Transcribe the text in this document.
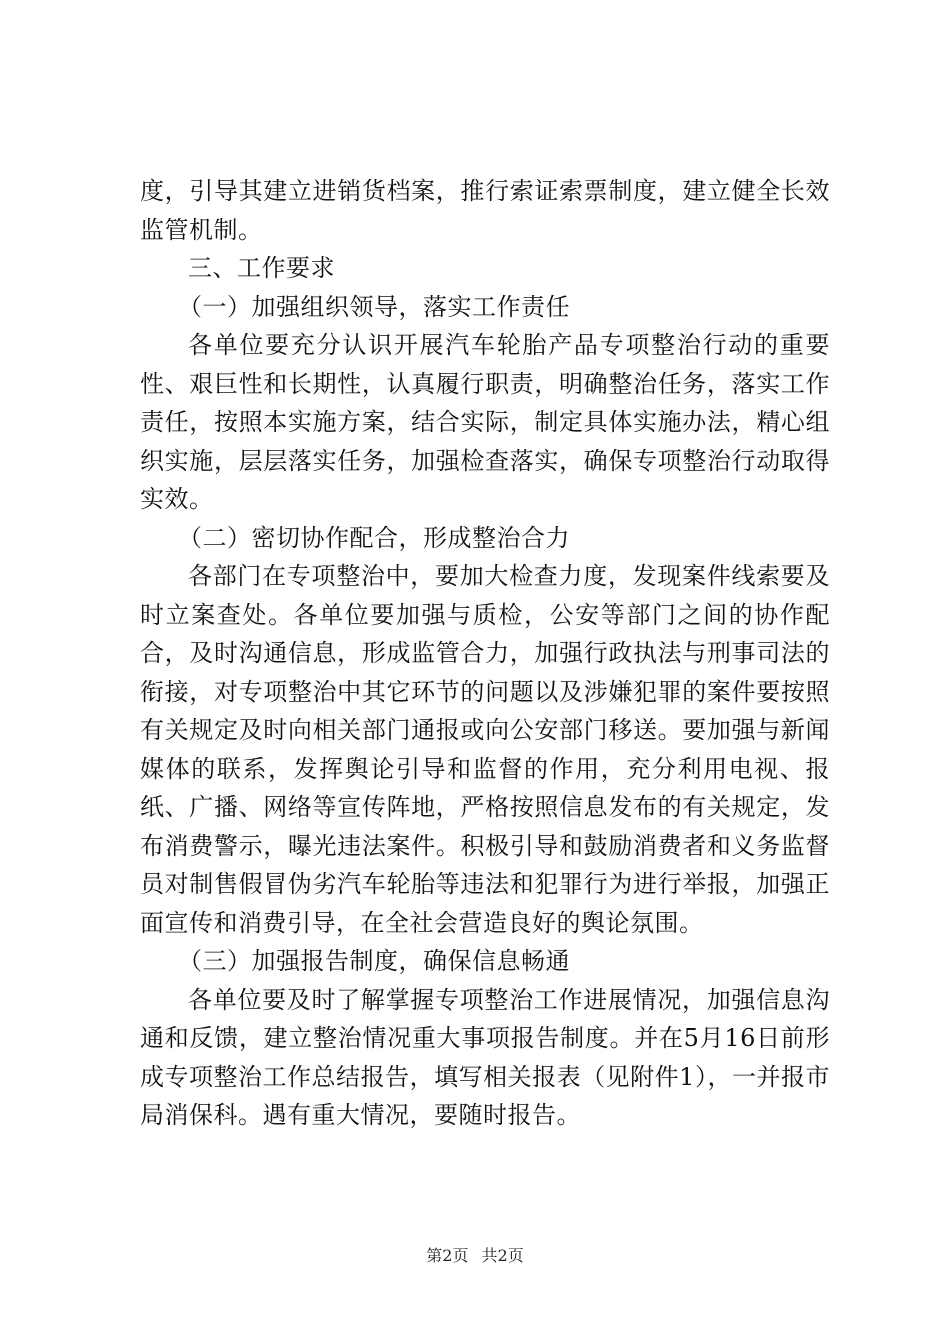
度，引导其建立进销货档案，推行索证索票制度，建立健全长效监管机制。

三、工作要求

（一）加强组织领导，落实工作责任

各单位要充分认识开展汽车轮胎产品专项整治行动的重要性、艰巨性和长期性，认真履行职责，明确整治任务，落实工作责任，按照本实施方案，结合实际，制定具体实施办法，精心组织实施，层层落实任务，加强检查落实，确保专项整治行动取得实效。

（二）密切协作配合，形成整治合力

各部门在专项整治中，要加大检查力度，发现案件线索要及时立案查处。各单位要加强与质检，公安等部门之间的协作配合，及时沟通信息，形成监管合力，加强行政执法与刑事司法的衔接，对专项整治中其它环节的问题以及涉嫌犯罪的案件要按照有关规定及时向相关部门通报或向公安部门移送。要加强与新闻媒体的联系，发挥舆论引导和监督的作用，充分利用电视、报纸、广播、网络等宣传阵地，严格按照信息发布的有关规定，发布消费警示，曝光违法案件。积极引导和鼓励消费者和义务监督员对制售假冒伪劣汽车轮胎等违法和犯罪行为进行举报，加强正面宣传和消费引导，在全社会营造良好的舆论氛围。

（三）加强报告制度，确保信息畅通

各单位要及时了解掌握专项整治工作进展情况，加强信息沟通和反馈，建立整治情况重大事项报告制度。并在5月16日前形成专项整治工作总结报告，填写相关报表（见附件1），一并报市局消保科。遇有重大情况，要随时报告。

第2页 共2页
